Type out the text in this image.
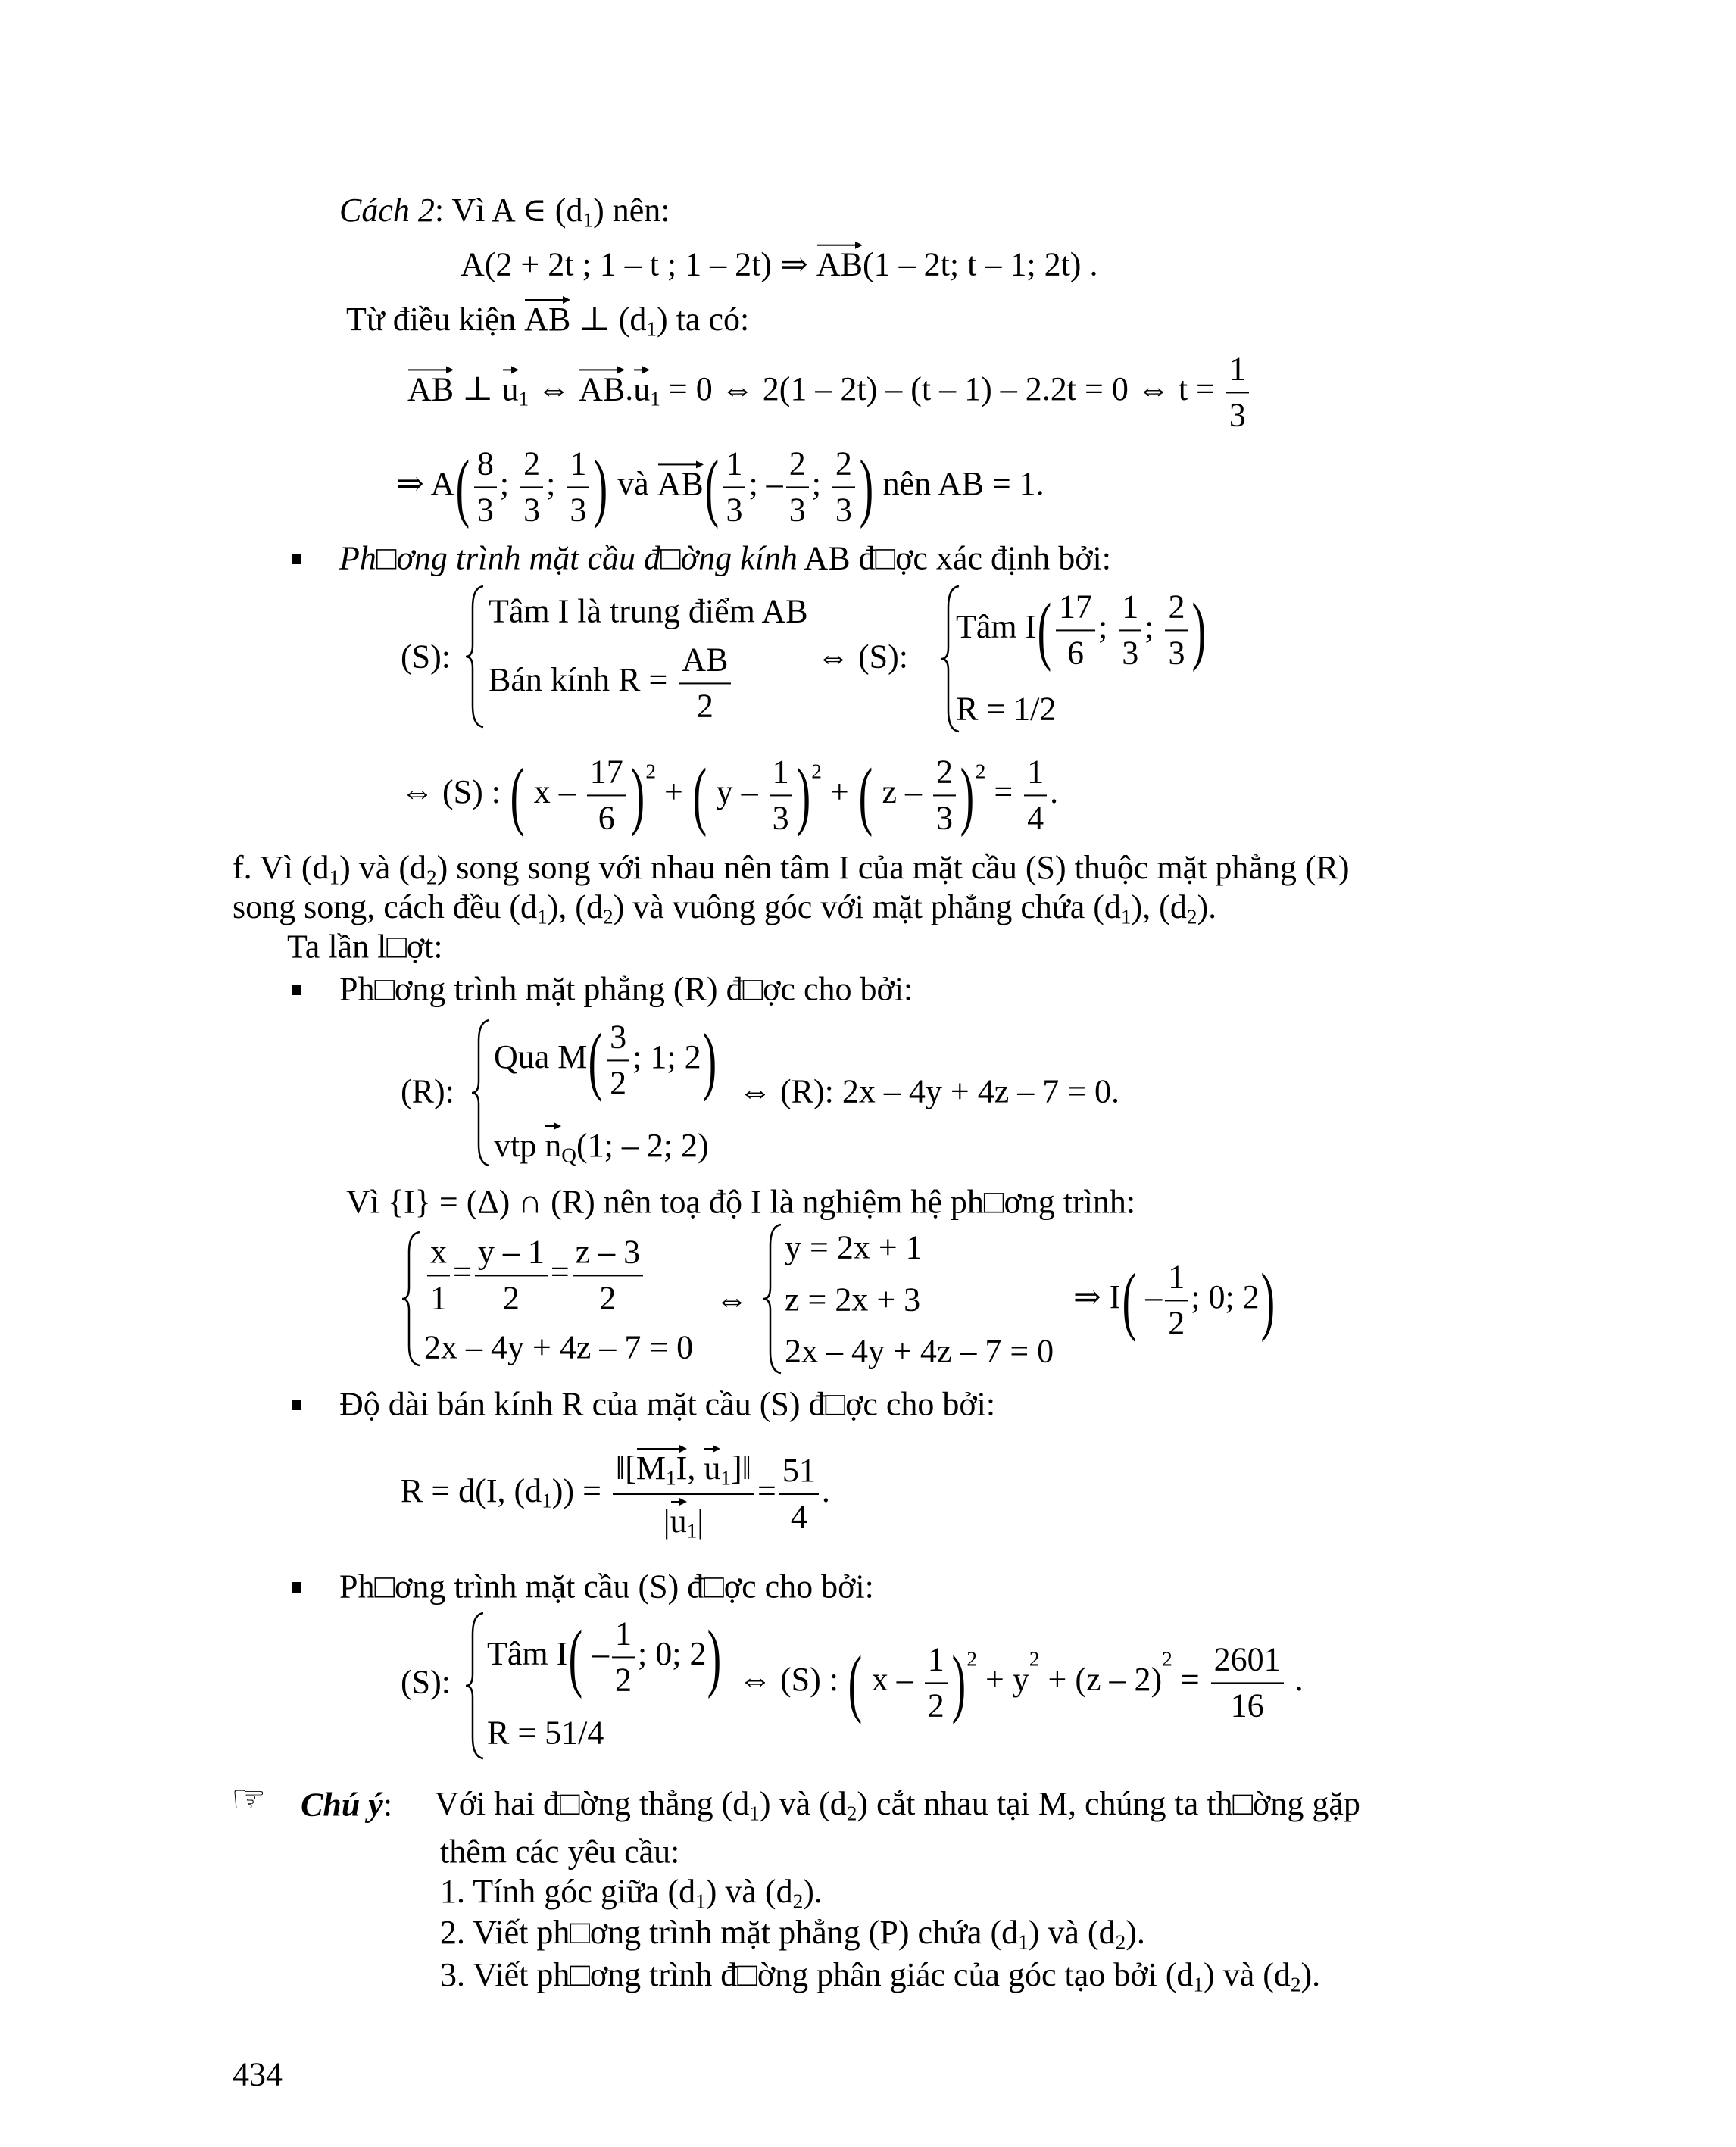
Cách 2: Vì A ∈ $(d_1)$ nên:
A(2 + 2t ; 1 – t ; 1 – 2t) ⇒ AB(1 – 2t; t – 1; 2t) .
Từ điều kiện AB ⊥ $(d_1)$ ta có:
AB ⊥ $u_1$ ⇔ $AB.u_1 = 0$ ⇔ 2(1 – 2t) – (t – 1) – 2.2t = 0 ⇔ $t = \frac{1}{3}$
⇒ $A( \frac{8}{3}$ ; $\frac{2}{3}$ ; $\frac{1}{3}$ ) và $AB( \frac{1}{3}$ ; – $\frac{2}{3}$ ; $\frac{2}{3}$ ) nên AB = 1.
Ph□ơng trình mặt cầu đ□ờng kính AB đ□ợc xác định bởi:
(S):
Tâm I là trung điểm AB
Bán kính $R = \frac{AB}{2}$	⇔ (S):
Tâm $I( \frac{17}{6}$ ; $\frac{1}{3}$ ; $\frac{2}{3}$ )
R = 1/2
⇔ (S) : ( x – $\frac{17}{6} )^2$ + ( y – $\frac{1}{3} )^2$ + ( $z - \frac{2}{3} )^2 = \frac{1}{4}$ .
f. Vì $(d_1)$ và $(d_2)$ song song với nhau nên tâm I của mặt cầu (S) thuộc mặt phẳng (R)
song song, cách đều $(d_1)$, $(d_2)$ và vuông góc với mặt phẳng chứa $(d_1)$, $(d_2)$.
Ta lần l□ợt:
Ph□ơng trình mặt phẳng (R) đ□ợc cho bởi:
(R):
Qua $M( \frac{3}{2}$ ; 1; 2)
vtp $n_Q(1$; – 2; 2)
⇔ (R): 2x – 4y + 4z – 7 = 0.
Vì {I} = (Δ) ∩ (R) nên toạ độ I là nghiệm hệ ph□ơng trình:
$\frac{x}{1} = \frac{y - 1}{2} = \frac{z - 3}{2}$
2x – 4y + 4z – 7 = 0
⇔
y = 2x + 1
z = 2x + 3
2x – 4y + 4z – 7 = 0
⇒ $I( - \frac{1}{2}$ ; 0; 2)
Độ dài bán kính R của mặt cầu (S) đ□ợc cho bởi:
R = d(I, $(d_1)) = \frac{‖[M_1I, u_1]‖}{|u_1|} = \frac{51}{4}$ .
Ph□ơng trình mặt cầu (S) đ□ợc cho bởi:
(S):
Tâm $I( - \frac{1}{2}$ ; 0; 2)
R = 51/4
⇔ (S) : ( $x - \frac{1}{2} )^2 + y^2 + (z - 2)^2 = \frac{2601}{16}$ .
☞ Chú ý: Với hai đ□ờng thẳng $(d_1)$ và $(d_2)$ cắt nhau tại M, chúng ta th□ờng gặp
thêm các yêu cầu:
1. Tính góc giữa $(d_1)$ và $(d_2)$.
2. Viết ph□ơng trình mặt phẳng (P) chứa $(d_1)$ và $(d_2)$.
3. Viết ph□ơng trình đ□ờng phân giác của góc tạo bởi $(d_1)$ và $(d_2)$.
434
